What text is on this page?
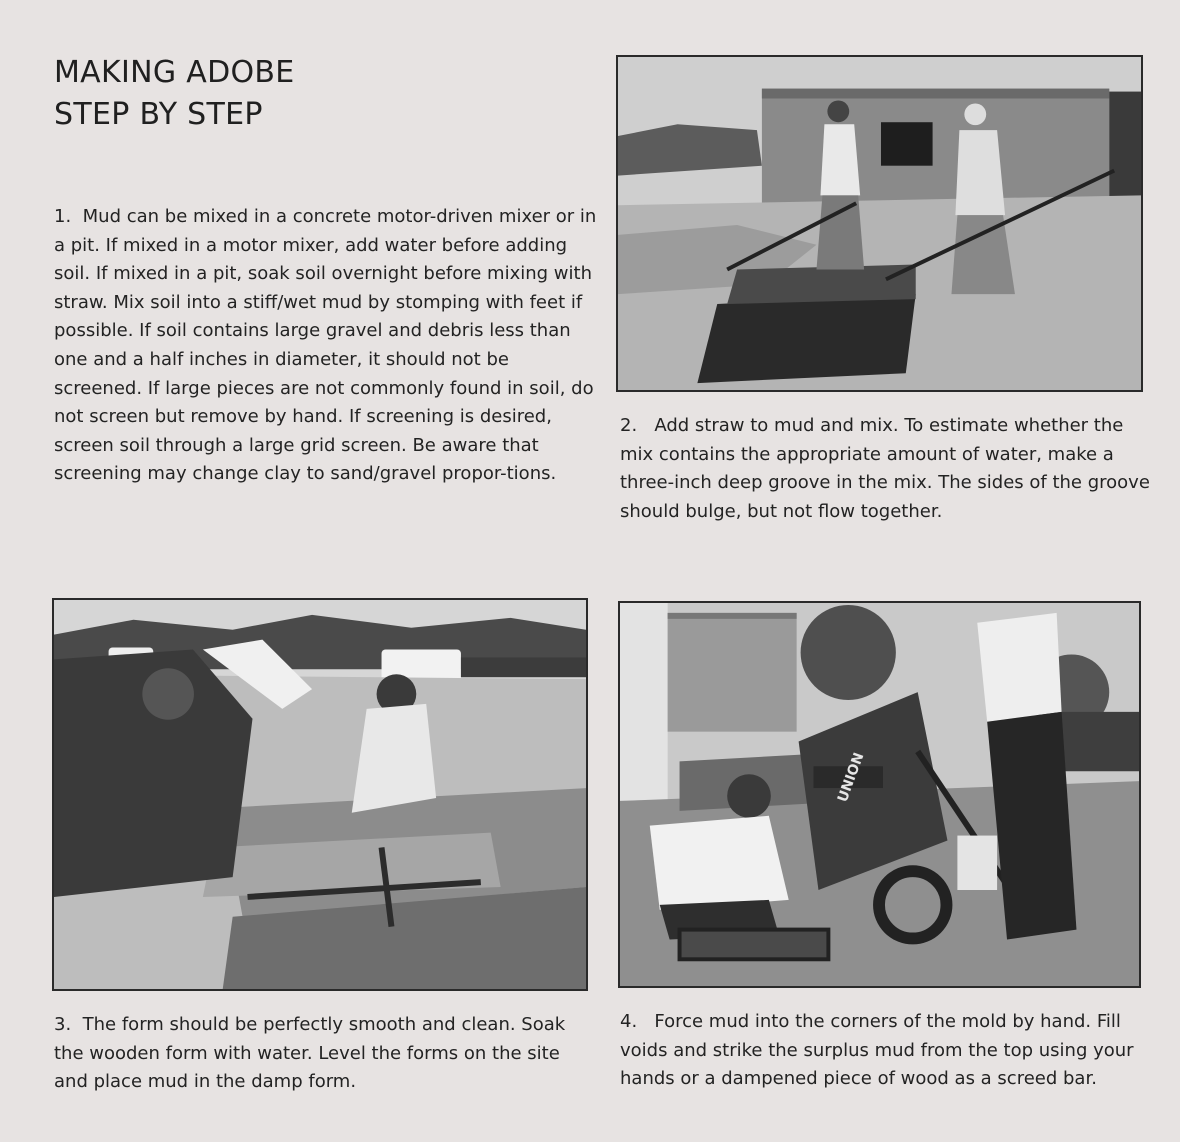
MAKING ADOBE
STEP BY STEP

1. Mud can be mixed in a concrete motor-driven mixer or in a pit. If mixed in a motor mixer, add water before adding soil. If mixed in a pit, soak soil overnight before mixing with straw. Mix soil into a stiff/wet mud by stomping with feet if possible. If soil contains large gravel and debris less than one and a half inches in diameter, it should not be screened. If large pieces are not commonly found in soil, do not screen but remove by hand. If screening is desired, screen soil through a large grid screen. Be aware that screening may change clay to sand/gravel propor-tions.

2. Add straw to mud and mix. To estimate whether the mix contains the appropriate amount of water, make a three-inch deep groove in the mix. The sides of the groove should bulge, but not flow together.

UNION

3. The form should be perfectly smooth and clean. Soak the wooden form with water. Level the forms on the site and place mud in the damp form.

4. Force mud into the corners of the mold by hand. Fill voids and strike the surplus mud from the top using your hands or a dampened piece of wood as a screed bar.
